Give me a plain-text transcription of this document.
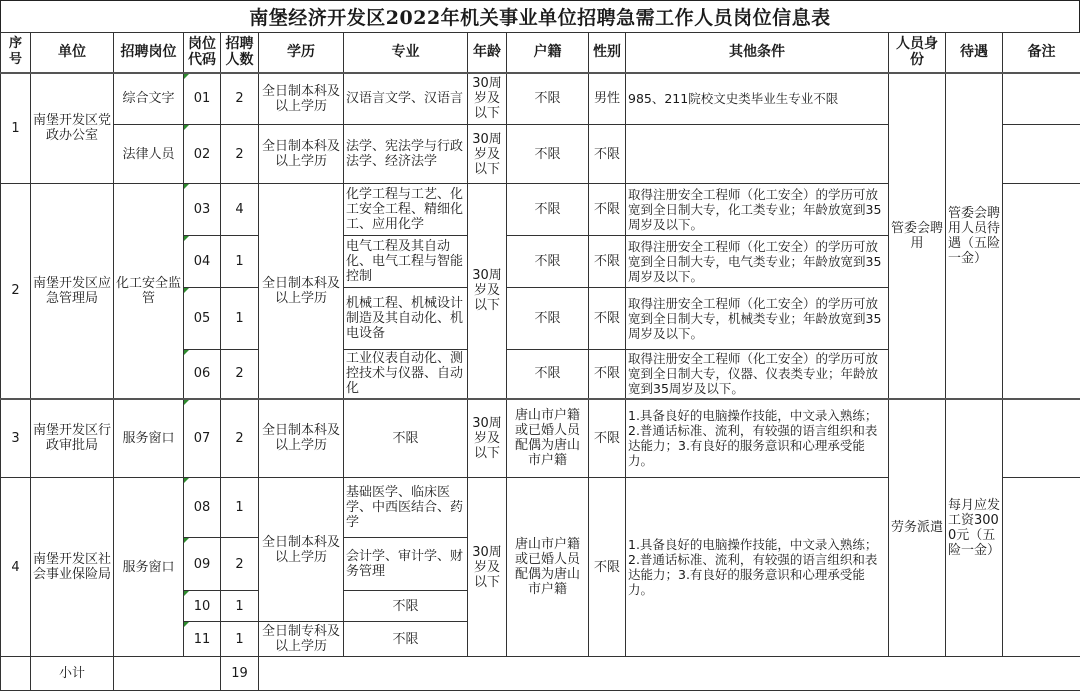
南堡经济开发区2022年机关事业单位招聘急需工作人员岗位信息表
序号	单位	招聘岗位	岗位代码	招聘人数	学历	专业	年龄	户籍	性别	其他条件	人员身份	待遇	备注
1	南堡开发区党政办公室	综合文字	01	2	全日制本科及以上学历	汉语言文学、汉语言	30周岁及以下	不限	男性	985、211院校文史类毕业生专业不限	管委会聘用	管委会聘用人员待遇（五险一金）	
		法律人员	02	2	全日制本科及以上学历	法学、宪法学与行政法学、经济法学	30周岁及以下	不限	不限				
2	南堡开发区应急管理局	化工安全监管	03	4	全日制本科及以上学历	化学工程与工艺、化工安全工程、精细化工、应用化学	30周岁及以下	不限	不限	取得注册安全工程师（化工安全）的学历可放宽到全日制大专，化工类专业；年龄放宽到35周岁及以下。			
			04	1		电气工程及其自动化、电气工程与智能控制		不限	不限	取得注册安全工程师（化工安全）的学历可放宽到全日制大专，电气类专业；年龄放宽到35周岁及以下。			
			05	1		机械工程、机械设计制造及其自动化、机电设备		不限	不限	取得注册安全工程师（化工安全）的学历可放宽到全日制大专，机械类专业；年龄放宽到35周岁及以下。			
			06	2		工业仪表自动化、测控技术与仪器、自动化		不限	不限	取得注册安全工程师（化工安全）的学历可放宽到全日制大专，仪器、仪表类专业；年龄放宽到35周岁及以下。			
3	南堡开发区行政审批局	服务窗口	07	2	全日制本科及以上学历	不限	30周岁及以下	唐山市户籍或已婚人员配偶为唐山市户籍	不限	1.具备良好的电脑操作技能，中文录入熟练；2.普通话标准、流利，有较强的语言组织和表达能力；3.有良好的服务意识和心理承受能力。	劳务派遣	每月应发工资3000元（五险一金）	
4	南堡开发区社会事业保险局	服务窗口	08	1	全日制本科及以上学历	基础医学、临床医学、中西医结合、药学	30周岁及以下	唐山市户籍或已婚人员配偶为唐山市户籍	不限	1.具备良好的电脑操作技能，中文录入熟练；2.普通话标准、流利，有较强的语言组织和表达能力；3.有良好的服务意识和心理承受能力。			
			09	2		会计学、审计学、财务管理							
			10	1		不限							
			11	1	全日制专科及以上学历	不限							
	小计			19									
